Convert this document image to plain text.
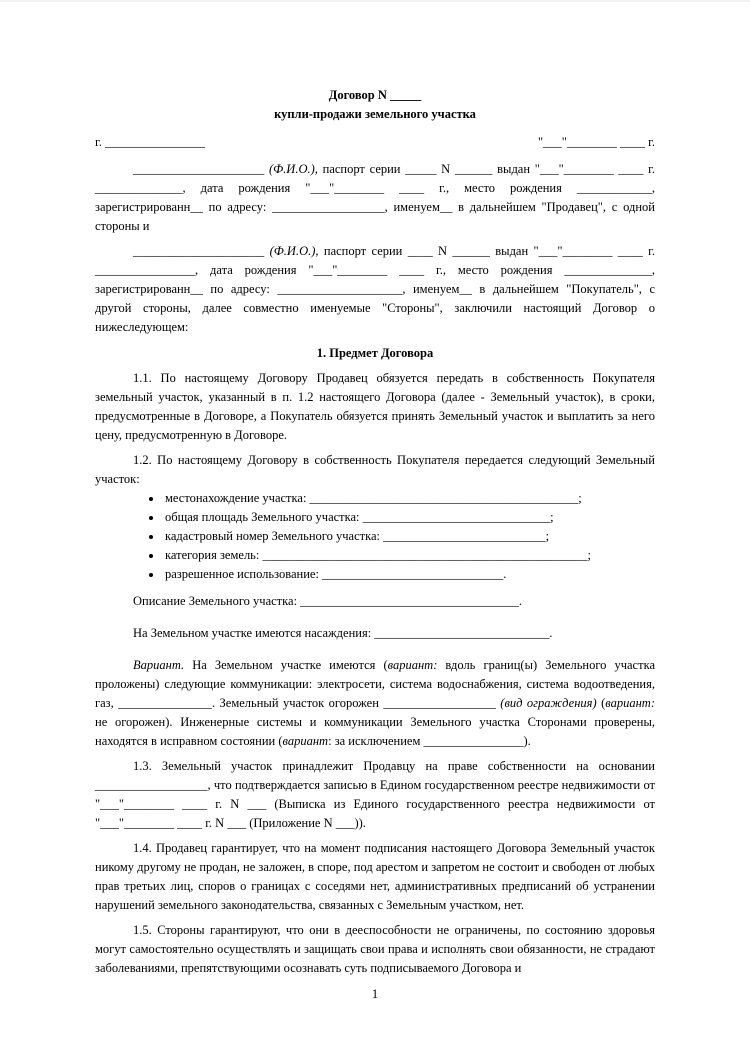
Договор N _____
купли-продажи земельного участка
г. ________________	"___"________ ____ г.

_____________________ (Ф.И.О.), паспорт серии _____ N ______ выдан "___"________ ____ г. ______________, дата рождения "___"________ ____ г., место рождения ____________, зарегистрированн__ по адресу: __________________, именуем__ в дальнейшем "Продавец", с одной стороны и

_____________________ (Ф.И.О.), паспорт серии ____ N ______ выдан "___"________ ____ г. ________________, дата рождения "___"________ ____ г., место рождения ______________, зарегистрированн__ по адресу: ____________________, именуем__ в дальнейшем "Покупатель", с другой стороны, далее совместно именуемые "Стороны", заключили настоящий Договор о нижеследующем:

1. Предмет Договора

1.1. По настоящему Договору Продавец обязуется передать в собственность Покупателя земельный участок, указанный в п. 1.2 настоящего Договора (далее - Земельный участок), в сроки, предусмотренные в Договоре, а Покупатель обязуется принять Земельный участок и выплатить за него цену, предусмотренную в Договоре.

1.2. По настоящему Договору в собственность Покупателя передается следующий Земельный участок:

• местонахождение участка: ___________________________________________;
• общая площадь Земельного участка: ______________________________;
• кадастровый номер Земельного участка: __________________________;
• категория земель: ____________________________________________________;
• разрешенное использование: _____________________________.

Описание Земельного участка: ___________________________________.

На Земельном участке имеются насаждения: ____________________________.

Вариант. На Земельном участке имеются (вариант: вдоль границ(ы) Земельного участка проложены) следующие коммуникации: электросети, система водоснабжения, система водоотведения, газ, _______________. Земельный участок огорожен __________________ (вид ограждения) (вариант: не огорожен). Инженерные системы и коммуникации Земельного участка Сторонами проверены, находятся в исправном состоянии (вариант: за исключением ________________).

1.3. Земельный участок принадлежит Продавцу на праве собственности на основании __________________, что подтверждается записью в Едином государственном реестре недвижимости от "___"________ ____ г. N ___ (Выписка из Единого государственного реестра недвижимости от "___"________ ____ г. N ___ (Приложение N ___)).

1.4. Продавец гарантирует, что на момент подписания настоящего Договора Земельный участок никому другому не продан, не заложен, в споре, под арестом и запретом не состоит и свободен от любых прав третьих лиц, споров о границах с соседями нет, административных предписаний об устранении нарушений земельного законодательства, связанных с Земельным участком, нет.

1.5. Стороны гарантируют, что они в дееспособности не ограничены, по состоянию здоровья могут самостоятельно осуществлять и защищать свои права и исполнять свои обязанности, не страдают заболеваниями, препятствующими осознавать суть подписываемого Договора и

1
